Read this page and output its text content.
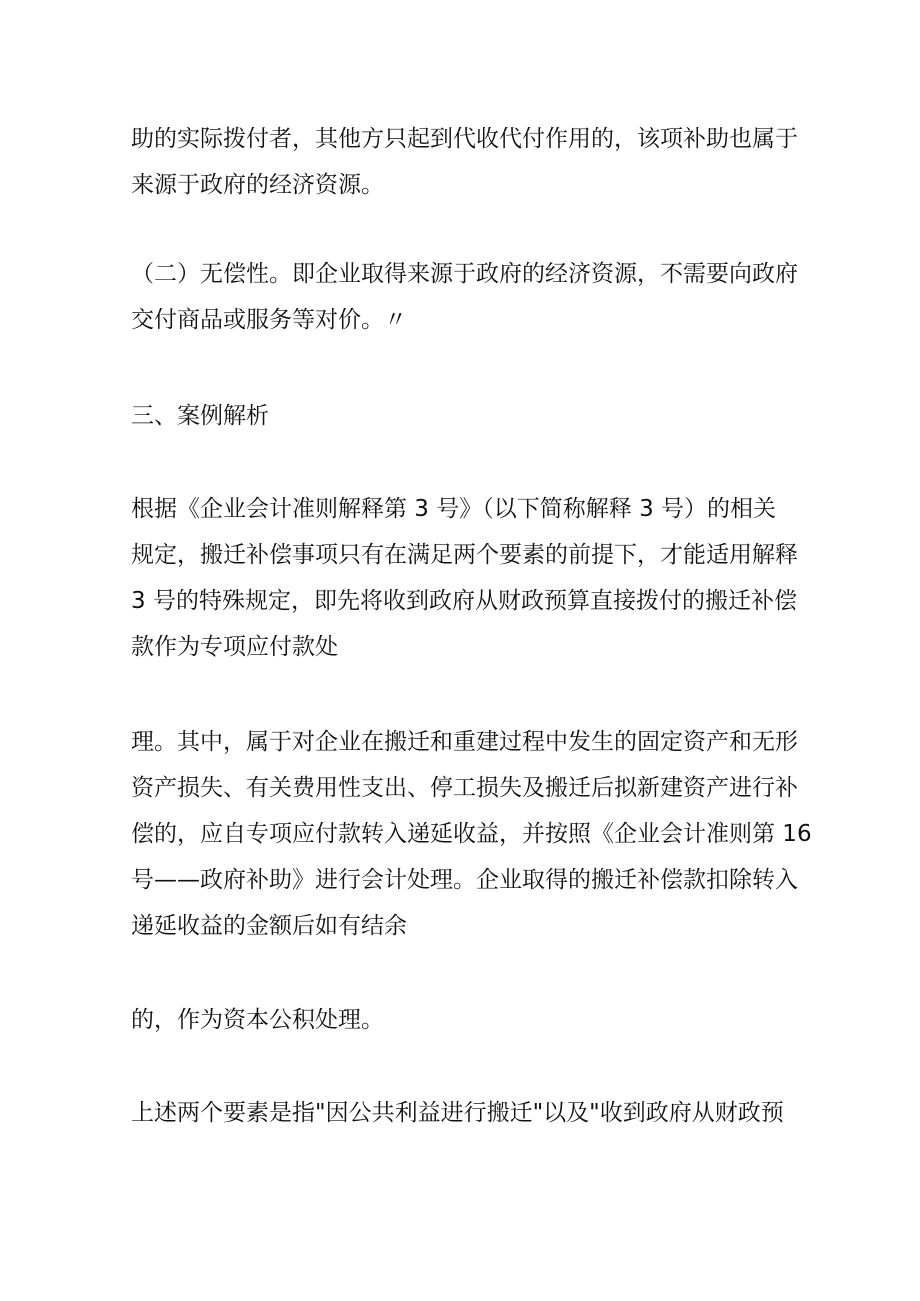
助的实际拨付者，其他方只起到代收代付作用的，该项补助也属于
来源于政府的经济资源。

（二）无偿性。即企业取得来源于政府的经济资源，不需要向政府
交付商品或服务等对价。〃

三、案例解析

根据《企业会计准则解释第 3 号》（以下简称解释 3 号）的相关
规定，搬迁补偿事项只有在满足两个要素的前提下，才能适用解释
3 号的特殊规定，即先将收到政府从财政预算直接拨付的搬迁补偿
款作为专项应付款处

理。其中，属于对企业在搬迁和重建过程中发生的固定资产和无形
资产损失、有关费用性支出、停工损失及搬迁后拟新建资产进行补
偿的，应自专项应付款转入递延收益，并按照《企业会计准则第 16
号——政府补助》进行会计处理。企业取得的搬迁补偿款扣除转入
递延收益的金额后如有结余

的，作为资本公积处理。

上述两个要素是指"因公共利益进行搬迁"以及"收到政府从财政预
